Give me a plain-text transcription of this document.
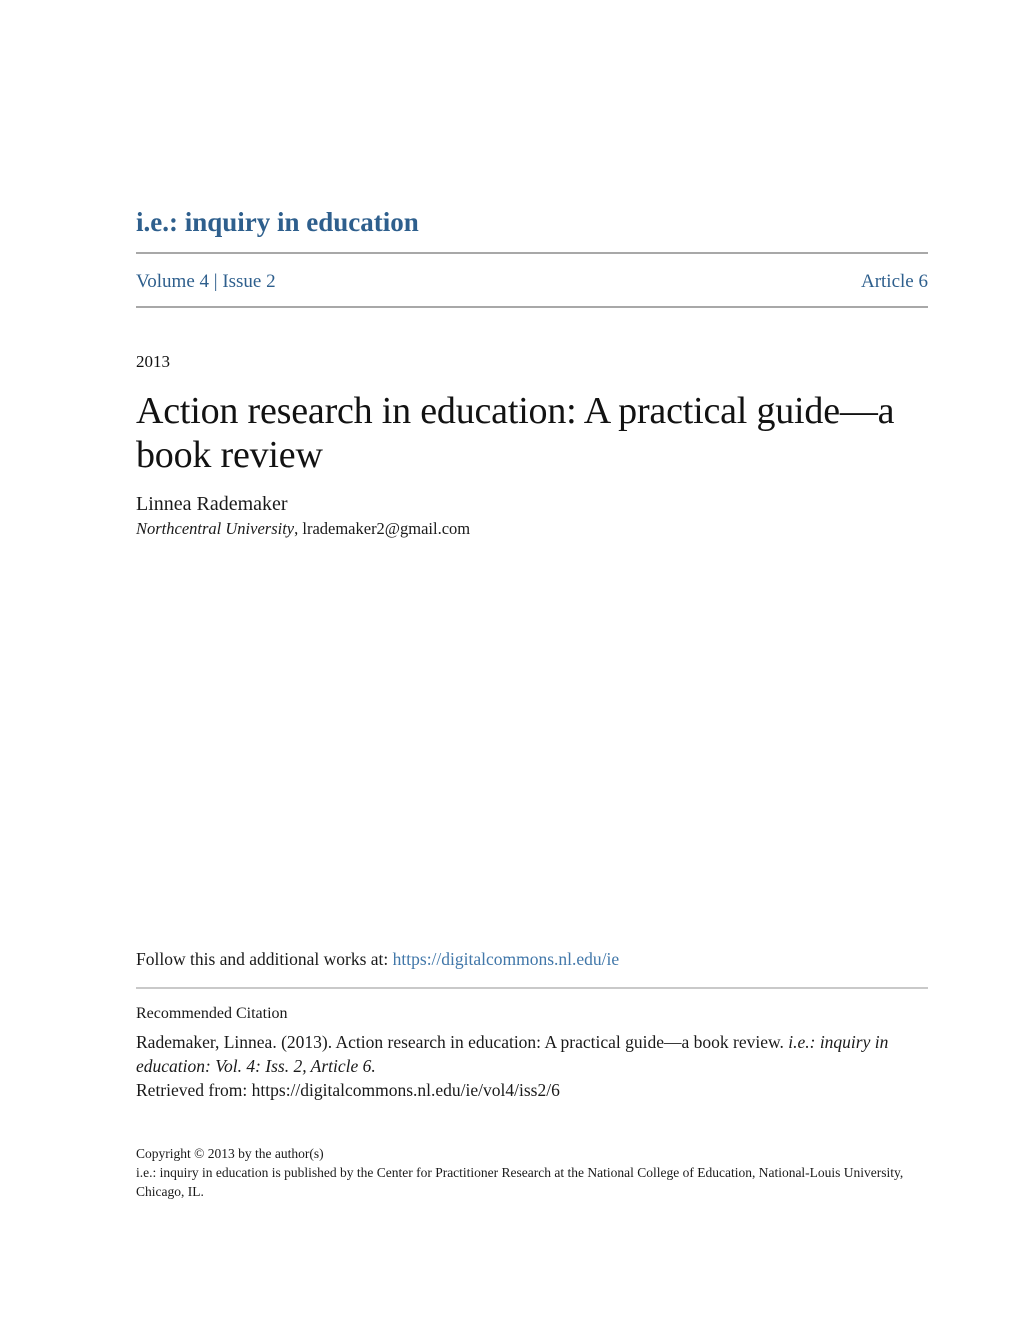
i.e.: inquiry in education
Volume 4 | Issue 2	Article 6
2013
Action research in education: A practical guide—a book review
Linnea Rademaker
Northcentral University, lrademaker2@gmail.com
Follow this and additional works at: https://digitalcommons.nl.edu/ie
Recommended Citation

Rademaker, Linnea. (2013). Action research in education: A practical guide—a book review. i.e.: inquiry in education: Vol. 4: Iss. 2, Article 6.

Retrieved from: https://digitalcommons.nl.edu/ie/vol4/iss2/6

Copyright © 2013 by the author(s)

i.e.: inquiry in education is published by the Center for Practitioner Research at the National College of Education, National-Louis University, Chicago, IL.
